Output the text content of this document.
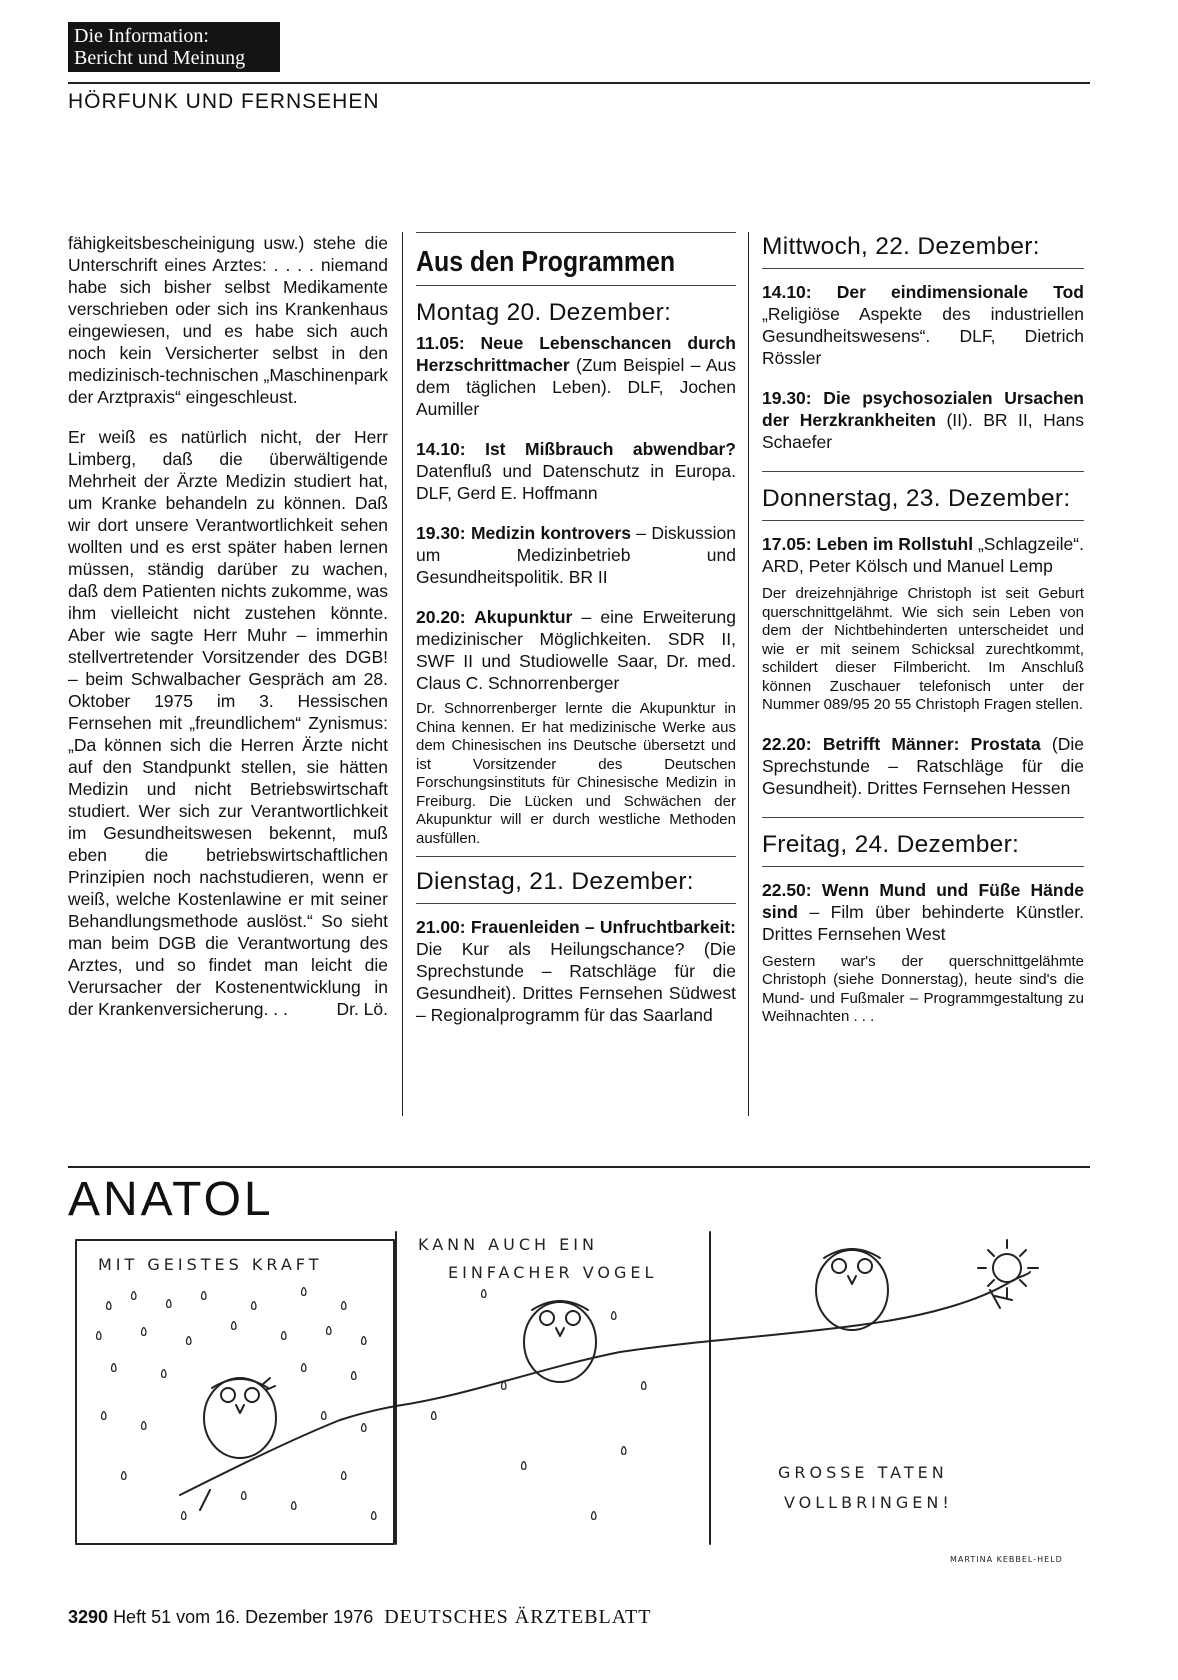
Die Information:
Bericht und Meinung
HÖRFUNK UND FERNSEHEN

fähigkeitsbescheinigung usw.) stehe die Unterschrift eines Arztes: . . . . niemand habe sich bisher selbst Medikamente verschrieben oder sich ins Krankenhaus eingewiesen, und es habe sich auch noch kein Versicherter selbst in den medizinisch-technischen „Maschinenpark der Arztpraxis“ eingeschleust.

Er weiß es natürlich nicht, der Herr Limberg, daß die überwältigende Mehrheit der Ärzte Medizin studiert hat, um Kranke behandeln zu können. Daß wir dort unsere Verantwortlichkeit sehen wollten und es erst später haben lernen müssen, ständig darüber zu wachen, daß dem Patienten nichts zukomme, was ihm vielleicht nicht zustehen könnte. Aber wie sagte Herr Muhr – immerhin stellvertretender Vorsitzender des DGB! – beim Schwalbacher Gespräch am 28. Oktober 1975 im 3. Hessischen Fernsehen mit „freundlichem“ Zynismus: „Da können sich die Herren Ärzte nicht auf den Standpunkt stellen, sie hätten Medizin und nicht Betriebswirtschaft studiert. Wer sich zur Verantwortlichkeit im Gesundheitswesen bekennt, muß eben die betriebswirtschaftlichen Prinzipien noch nachstudieren, wenn er weiß, welche Kostenlawine er mit seiner Behandlungsmethode auslöst.“ So sieht man beim DGB die Verantwortung des Arztes, und so findet man leicht die Verursacher der Kostenentwicklung in der Krankenversicherung. . .	Dr. Lö.

Aus den Programmen
Montag 20. Dezember:

11.05: Neue Lebenschancen durch Herzschrittmacher (Zum Beispiel – Aus dem täglichen Leben). DLF, Jochen Aumiller

14.10: Ist Mißbrauch abwendbar? Datenfluß und Datenschutz in Europa. DLF, Gerd E. Hoffmann

19.30: Medizin kontrovers – Diskussion um Medizinbetrieb und Gesundheitspolitik. BR II

20.20: Akupunktur – eine Erweiterung medizinischer Möglichkeiten. SDR II, SWF II und Studiowelle Saar, Dr. med. Claus C. Schnorrenberger

Dr. Schnorrenberger lernte die Akupunktur in China kennen. Er hat medizinische Werke aus dem Chinesischen ins Deutsche übersetzt und ist Vorsitzender des Deutschen Forschungsinstituts für Chinesische Medizin in Freiburg. Die Lücken und Schwächen der Akupunktur will er durch westliche Methoden ausfüllen.

Dienstag, 21. Dezember:

21.00: Frauenleiden – Unfruchtbarkeit: Die Kur als Heilungschance? (Die Sprechstunde – Ratschläge für die Gesundheit). Drittes Fernsehen Südwest – Regionalprogramm für das Saarland

Mittwoch, 22. Dezember:

14.10: Der eindimensionale Tod „Religiöse Aspekte des industriellen Gesundheitswesens“. DLF, Dietrich Rössler

19.30: Die psychosozialen Ursachen der Herzkrankheiten (II). BR II, Hans Schaefer

Donnerstag, 23. Dezember:

17.05: Leben im Rollstuhl „Schlagzeile“. ARD, Peter Kölsch und Manuel Lemp

Der dreizehnjährige Christoph ist seit Geburt querschnittgelähmt. Wie sich sein Leben von dem der Nichtbehinderten unterscheidet und wie er mit seinem Schicksal zurechtkommt, schildert dieser Filmbericht. Im Anschluß können Zuschauer telefonisch unter der Nummer 089/95 20 55 Christoph Fragen stellen.

22.20: Betrifft Männer: Prostata (Die Sprechstunde – Ratschläge für die Gesundheit). Drittes Fernsehen Hessen

Freitag, 24. Dezember:

22.50: Wenn Mund und Füße Hände sind – Film über behinderte Künstler. Drittes Fernsehen West

Gestern war's der querschnittgelähmte Christoph (siehe Donnerstag), heute sind's die Mund- und Fußmaler – Programmgestaltung zu Weihnachten . . .

ANATOL
٥
٥ ٥ ٥
٥
٥
٥
٥	٥
٥
٥
٥	٥
٥
٥	٥	٥	٥
٥
٥
٥
٥
٥
٥
٥
٥
٥
٥
٥
٥
٥
٥
٥
٥
٥
٥
MIT GEISTES KRAFT
KANN AUCH EIN
EINFACHER VOGEL
GROSSE TATEN
VOLLBRINGEN!
MARTINA KEBBEL-HELD
3290 Heft 51 vom 16. Dezember 1976 DEUTSCHES ÄRZTEBLATT
